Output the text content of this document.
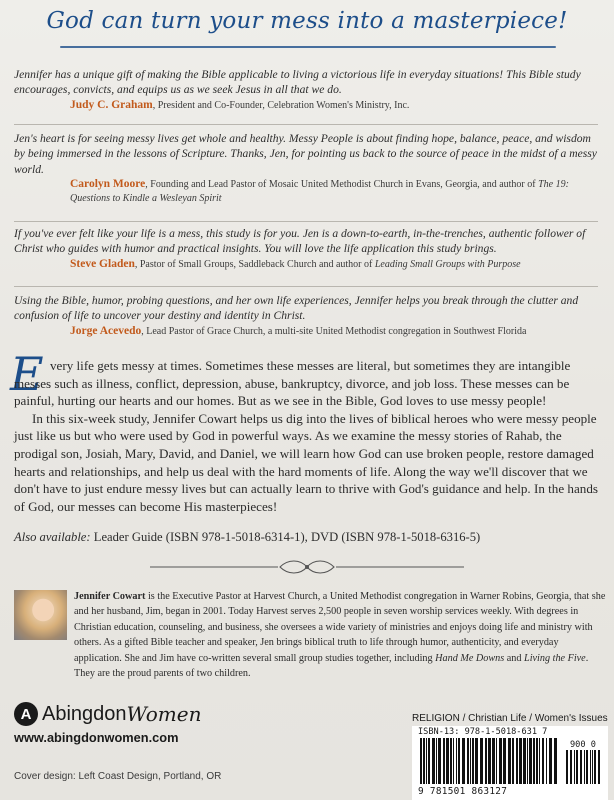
God can turn your mess into a masterpiece!
Jennifer has a unique gift of making the Bible applicable to living a victorious life in everyday situations! This Bible study encourages, convicts, and equips us as we seek Jesus in all that we do.
Judy C. Graham, President and Co-Founder, Celebration Women's Ministry, Inc.
Jen's heart is for seeing messy lives get whole and healthy. Messy People is about finding hope, balance, peace, and wisdom by being immersed in the lessons of Scripture. Thanks, Jen, for pointing us back to the source of peace in the midst of a messy world.
Carolyn Moore, Founding and Lead Pastor of Mosaic United Methodist Church in Evans, Georgia, and author of The 19: Questions to Kindle a Wesleyan Spirit
If you've ever felt like your life is a mess, this study is for you. Jen is a down-to-earth, in-the-trenches, authentic follower of Christ who guides with humor and practical insights. You will love the life application this study brings.
Steve Gladen, Pastor of Small Groups, Saddleback Church and author of Leading Small Groups with Purpose
Using the Bible, humor, probing questions, and her own life experiences, Jennifer helps you break through the clutter and confusion of life to uncover your destiny and identity in Christ.
Jorge Acevedo, Lead Pastor of Grace Church, a multi-site United Methodist congregation in Southwest Florida
E very life gets messy at times. Sometimes these messes are literal, but sometimes they are intangible messes such as illness, conflict, depression, abuse, bankruptcy, divorce, and job loss. These messes can be painful, hurting our hearts and our homes. But as we see in the Bible, God loves to use messy people!

In this six-week study, Jennifer Cowart helps us dig into the lives of biblical heroes who were messy people just like us but who were used by God in powerful ways. As we examine the messy stories of Rahab, the prodigal son, Josiah, Mary, David, and Daniel, we will learn how God can use broken people, restore damaged hearts and relationships, and help us deal with the hard moments of life. Along the way we'll discover that we don't have to just endure messy lives but can actually learn to thrive with God's guidance and help. In the hands of God, our messes can become His masterpieces!

Also available: Leader Guide (ISBN 978-1-5018-6314-1), DVD (ISBN 978-1-5018-6316-5)
Jennifer Cowart is the Executive Pastor at Harvest Church, a United Methodist congregation in Warner Robins, Georgia, that she and her husband, Jim, began in 2001. Today Harvest serves 2,500 people in seven worship services weekly. With degrees in Christian education, counseling, and business, she oversees a wide variety of ministries and enjoys doing life and ministry with others. As a gifted Bible teacher and speaker, Jen brings biblical truth to life through humor, authenticity, and everyday application. She and Jim have co-written several small group studies together, including Hand Me Downs and Living the Five. They are the proud parents of two children.
A Abingdon Women
www.abingdonwomen.com
Cover design: Left Coast Design, Portland, OR
RELIGION / Christian Life / Women's Issues
ISBN-13: 978-1-5018-631 7
900 0
9 781501 863127
